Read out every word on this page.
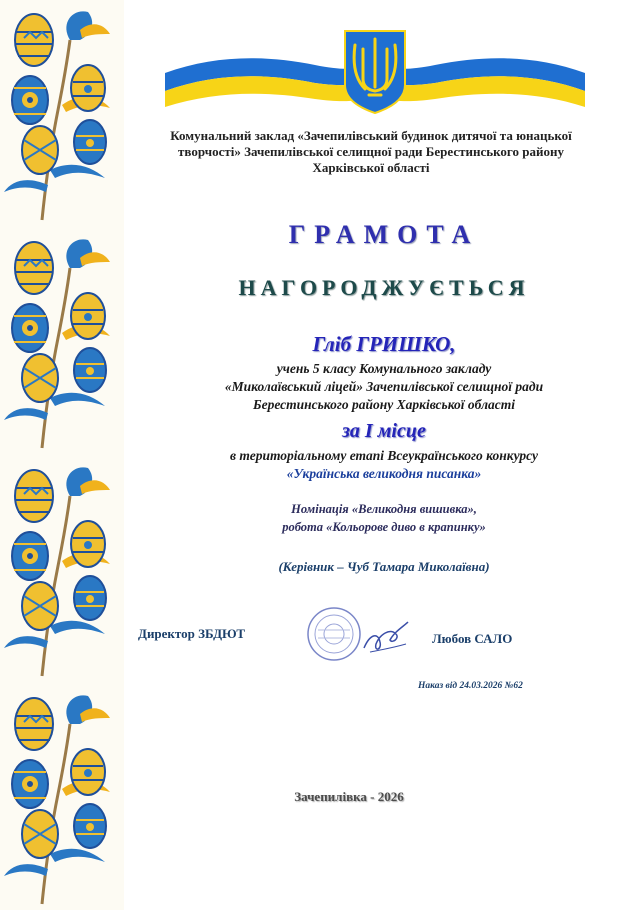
Комунальний заклад «Зачепилівський будинок дитячої та юнацької творчості» Зачепилівської селищної ради Берестинського району Харківської області
ГРАМОТА
НАГОРОДЖУЄТЬСЯ
Гліб ГРИШКО,
учень 5 класу Комунального закладу
«Миколаївський ліцей» Зачепилівської селищної ради
Берестинського району Харківської області
за І місце
в територіальному етапі Всеукраїнського конкурсу
«Українська великодня писанка»
Номінація «Великодня вишивка»,
робота «Кольорове диво в крапинку»
(Керівник – Чуб Тамара Миколаївна)
Директор ЗБДЮТ	Любов САЛО
Наказ від 24.03.2026 №62
Зачепилівка - 2026
